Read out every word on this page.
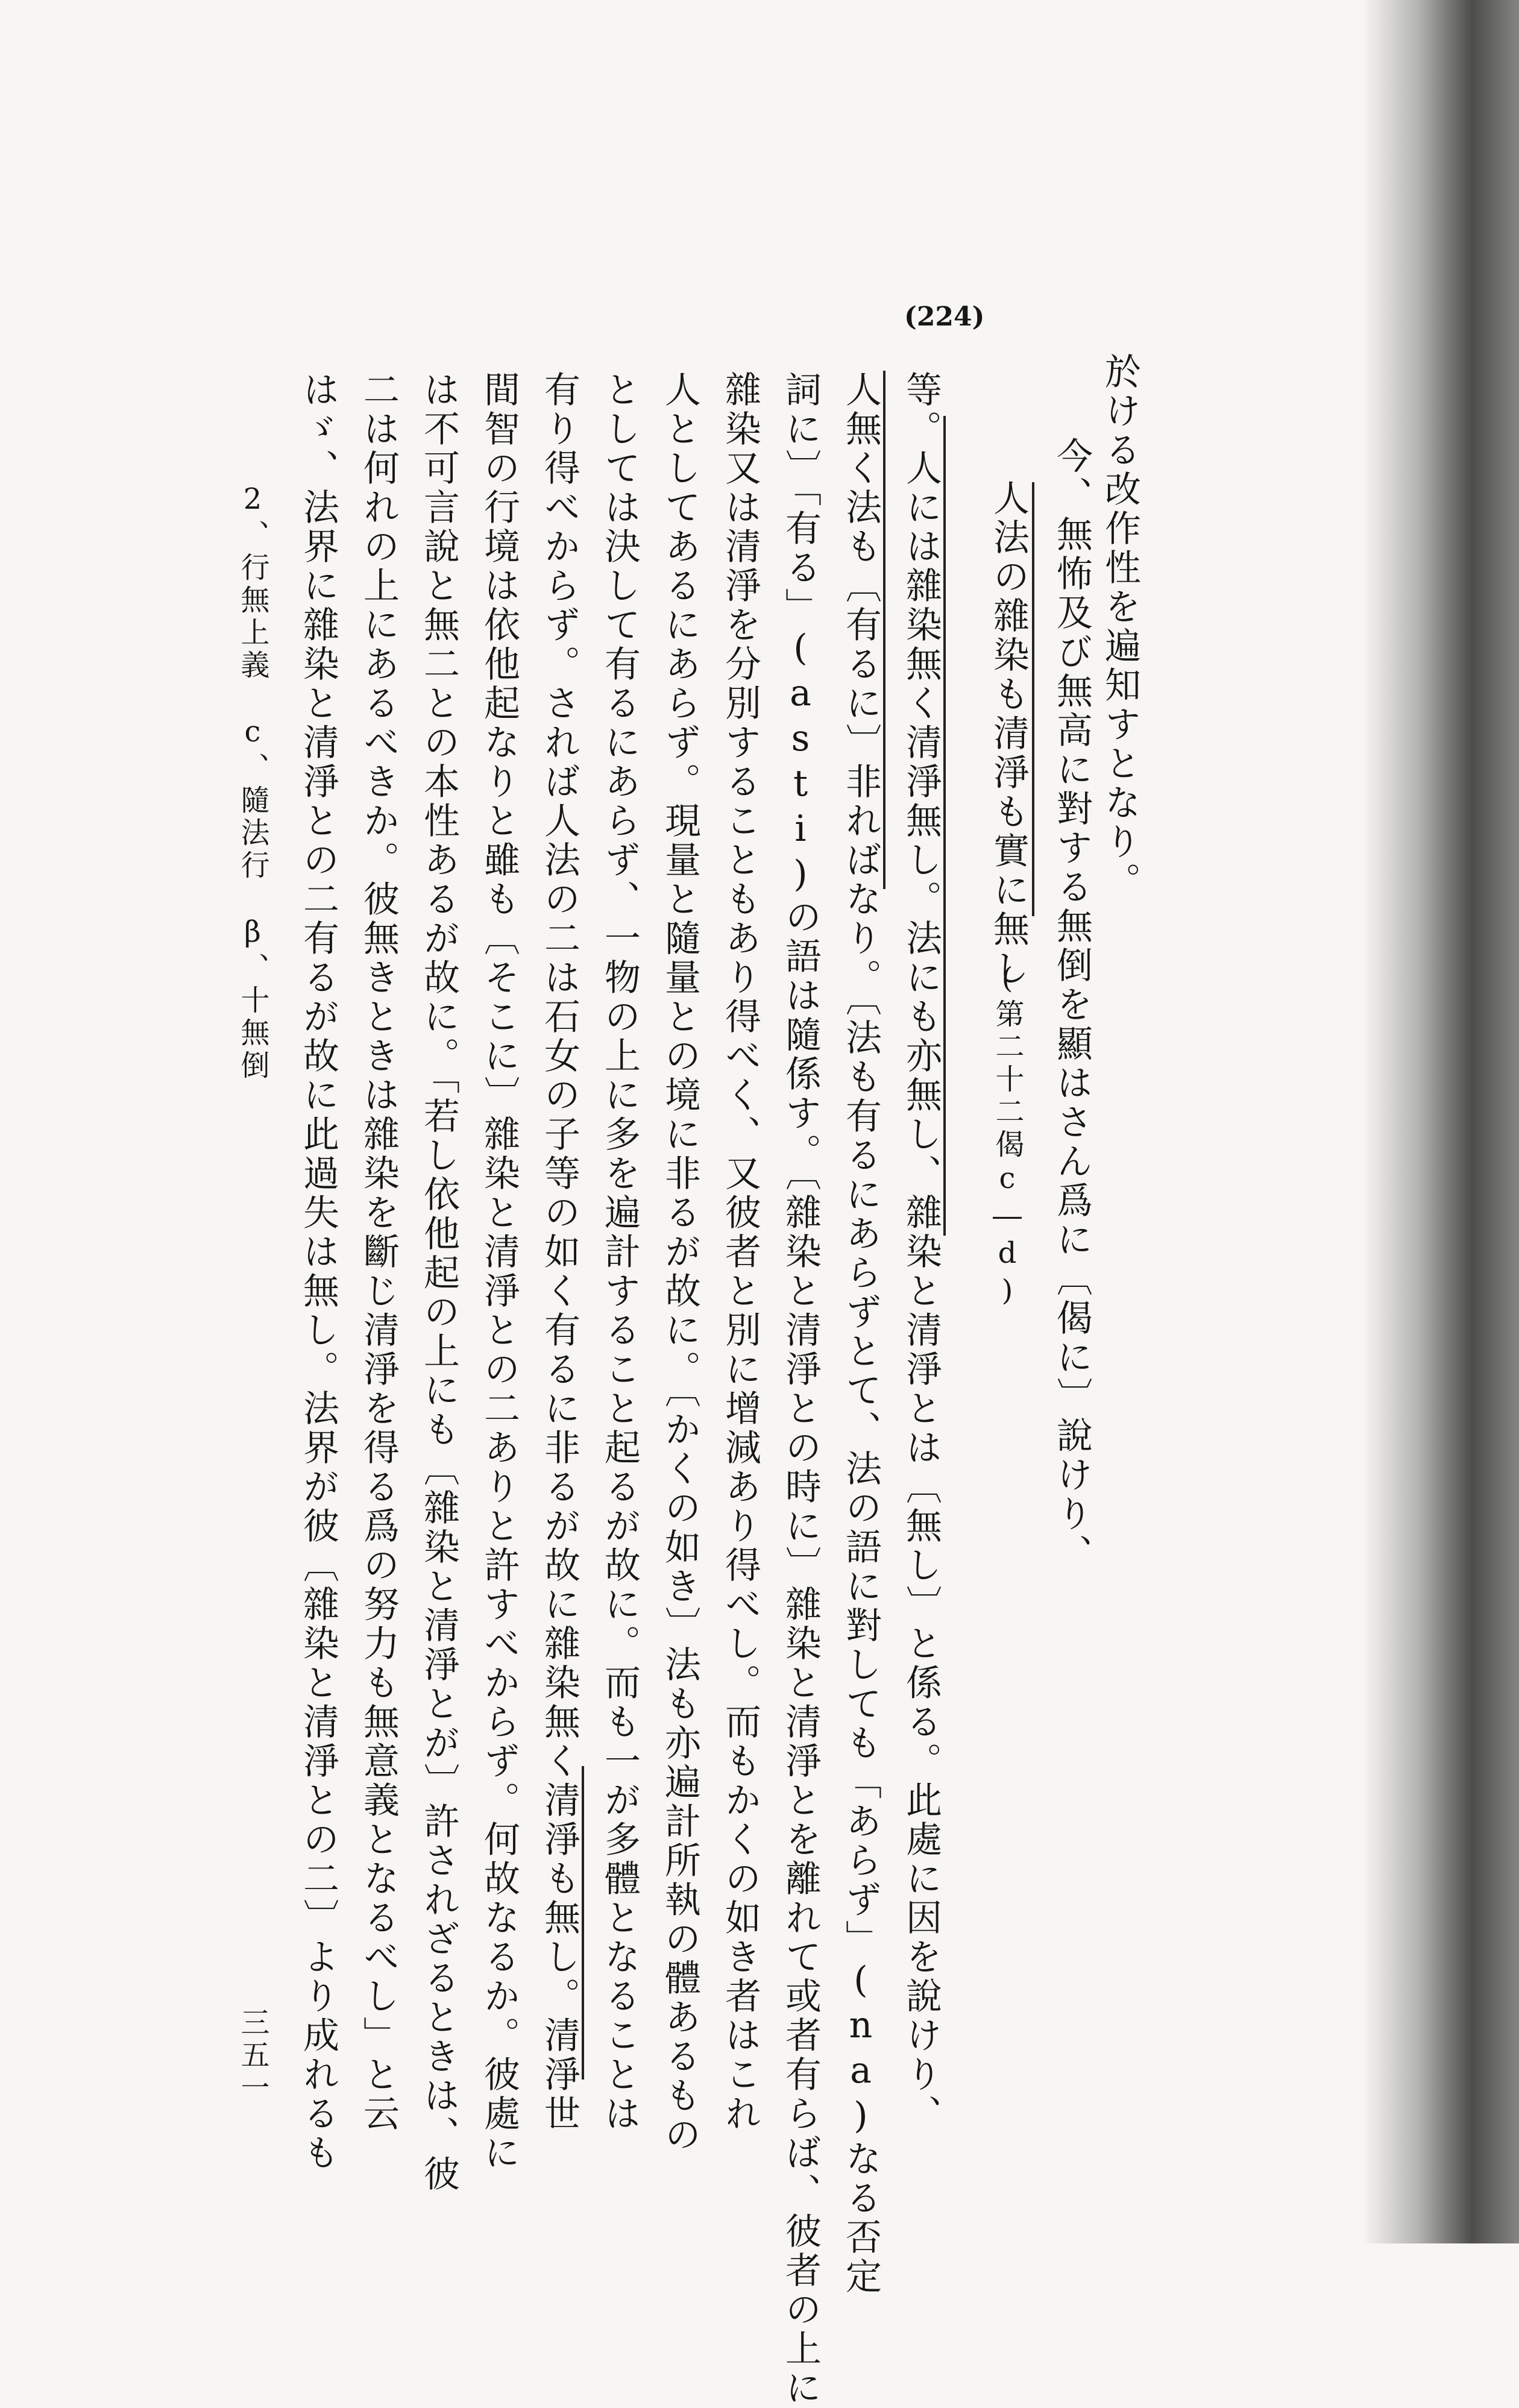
(224)
於ける改作性を遍知すとなり。
今、無怖及び無高に對する無倒を顯はさん爲に〔偈に〕說けり、
人法の雜染も清淨も實に無し
(第二十二偈c―d)
等。人には雜染無く清淨無し。法にも亦無し、雜染と清淨とは〔無し〕と係る。此處に因を說けり、
人無く法も〔有るに〕非ればなり。〔法も有るにあらずとて、法の語に對しても「あらず」(na)なる否定
詞に〕「有る」(asti)の語は隨係す。〔雜染と清淨との時に〕雜染と清淨とを離れて或者有らば、彼者の上に
雜染又は清淨を分別することもあり得べく、又彼者と別に增減あり得べし。而もかくの如き者はこれ
人としてあるにあらず。現量と隨量との境に非るが故に。〔かくの如き〕法も亦遍計所執の體あるもの
としては決して有るにあらず、一物の上に多を遍計すること起るが故に。而も一が多體となることは
有り得べからず。されば人法の二は石女の子等の如く有るに非るが故に雜染無く清淨も無し。清淨世
間智の行境は依他起なりと雖も〔そこに〕雜染と清淨との二ありと許すべからず。何故なるか。彼處に
は不可言說と無二との本性あるが故に。「若し依他起の上にも〔雜染と清淨とが〕許されざるときは、彼
二は何れの上にあるべきか。彼無きときは雜染を斷じ清淨を得る爲の努力も無意義となるべし」と云
はゞ、法界に雜染と清淨との二有るが故に此過失は無し。法界が彼〔雜染と清淨との二〕より成れるも
2、行無上義　c、隨法行　β、十無倒
三五一
